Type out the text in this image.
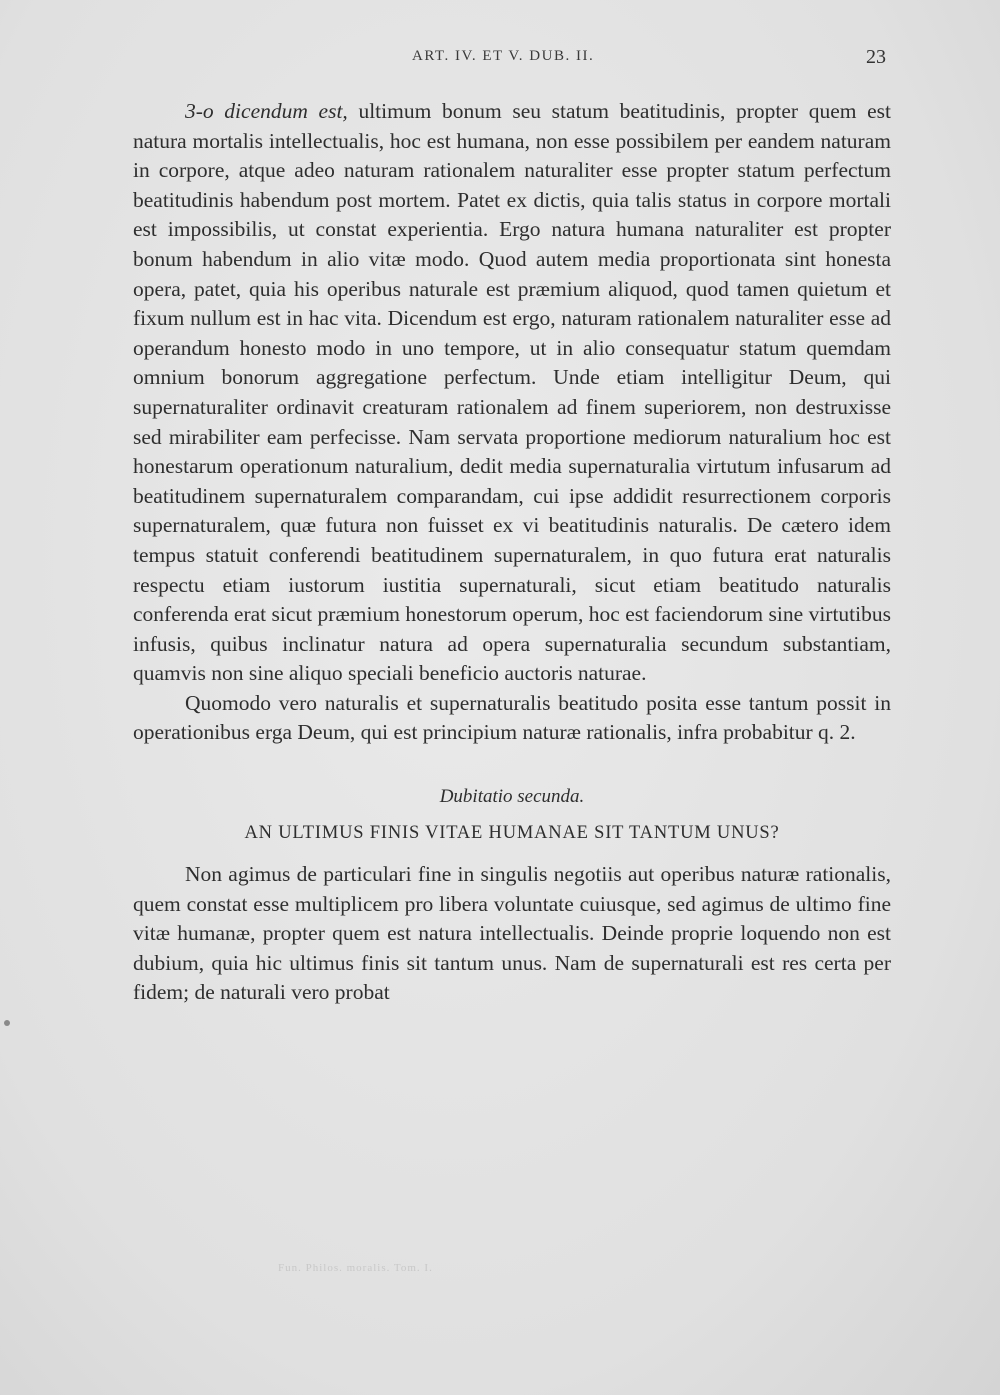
ART. IV. ET V. DUB. II.	23

3-o dicendum est, ultimum bonum seu statum beatitudinis, propter quem est natura mortalis intellectualis, hoc est humana, non esse possibilem per eandem naturam in corpore, atque adeo naturam rationalem naturaliter esse propter statum perfectum beatitudinis habendum post mortem. Patet ex dictis, quia talis status in corpore mortali est impossibilis, ut constat experientia. Ergo natura humana naturaliter est propter bonum habendum in alio vitæ modo. Quod autem media proportionata sint honesta opera, patet, quia his operibus naturale est præmium aliquod, quod tamen quietum et fixum nullum est in hac vita. Dicendum est ergo, naturam rationalem naturaliter esse ad operandum honesto modo in uno tempore, ut in alio consequatur statum quemdam omnium bonorum aggregatione perfectum. Unde etiam intelligitur Deum, qui supernaturaliter ordinavit creaturam rationalem ad finem superiorem, non destruxisse sed mirabiliter eam perfecisse. Nam servata proportione mediorum naturalium hoc est honestarum operationum naturalium, dedit media supernaturalia virtutum infusarum ad beatitudinem supernaturalem comparandam, cui ipse addidit resurrectionem corporis supernaturalem, quæ futura non fuisset ex vi beatitudinis naturalis. De cætero idem tempus statuit conferendi beatitudinem supernaturalem, in quo futura erat naturalis respectu etiam iustorum iustitia supernaturali, sicut etiam beatitudo naturalis conferenda erat sicut præmium honestorum operum, hoc est faciendorum sine virtutibus infusis, quibus inclinatur natura ad opera supernaturalia secundum substantiam, quamvis non sine aliquo speciali beneficio auctoris naturae.

Quomodo vero naturalis et supernaturalis beatitudo posita esse tantum possit in operationibus erga Deum, qui est principium naturæ rationalis, infra probabitur q. 2.

Dubitatio secunda.

AN ULTIMUS FINIS VITAE HUMANAE SIT TANTUM UNUS?

Non agimus de particulari fine in singulis negotiis aut operibus naturæ rationalis, quem constat esse multiplicem pro libera voluntate cuiusque, sed agimus de ultimo fine vitæ humanæ, propter quem est natura intellectualis. Deinde proprie loquendo non est dubium, quia hic ultimus finis sit tantum unus. Nam de supernaturali est res certa per fidem; de naturali vero probat

Fun. Philos. moralis. Tom. I.
